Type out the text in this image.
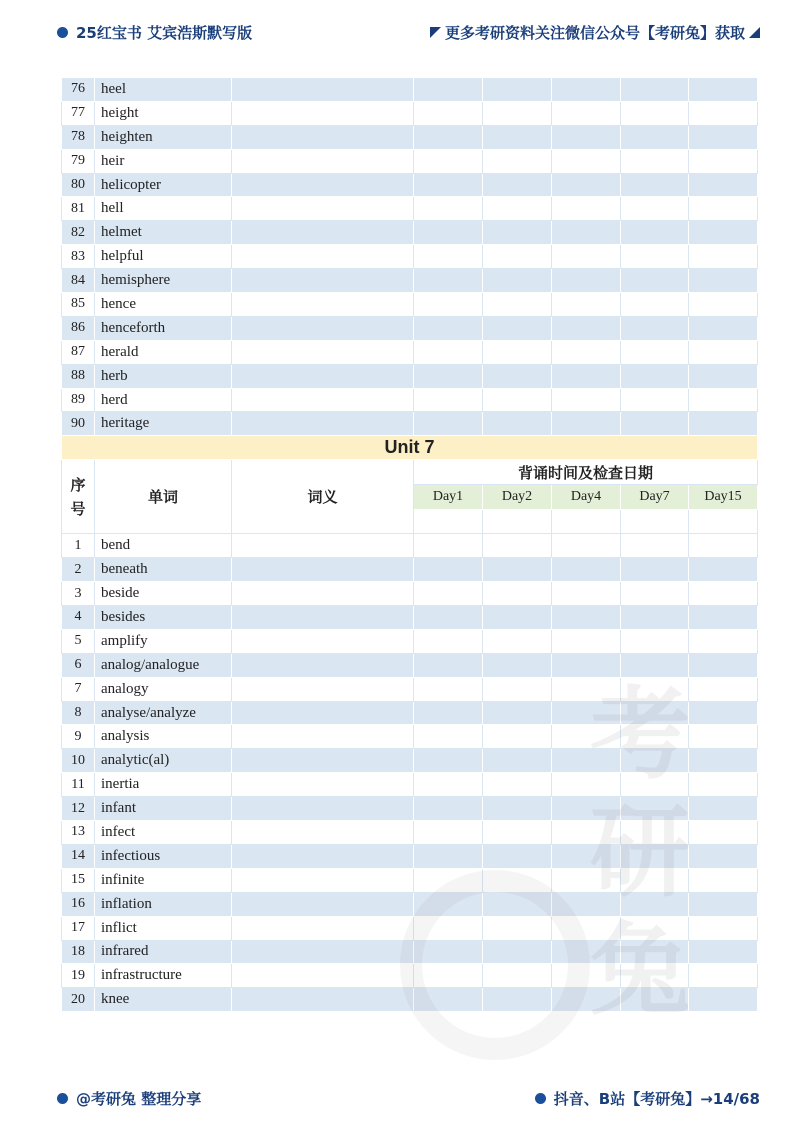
25红宝书 艾宾浩斯默写版	更多考研资料关注微信公众号【考研兔】获取
76	heel						
77	height						
78	heighten						
79	heir						
80	helicopter						
81	hell						
82	helmet						
83	helpful						
84	hemisphere						
85	hence						
86	henceforth						
87	herald						
88	herb						
89	herd						
90	heritage						
Unit 7							
序号	单词	词义	背诵时间及检查日期				
			Day1	Day2	Day4	Day7	Day15

1	bend						
2	beneath						
3	beside						
4	besides						
5	amplify						
6	analog/analogue						
7	analogy						
8	analyse/analyze						
9	analysis						
10	analytic(al)						
11	inertia						
12	infant						
13	infect						
14	infectious						
15	infinite						
16	inflation						
17	inflict						
18	infrared						
19	infrastructure						
20	knee						
@考研兔 整理分享	抖音、B站【考研兔】→14/68
